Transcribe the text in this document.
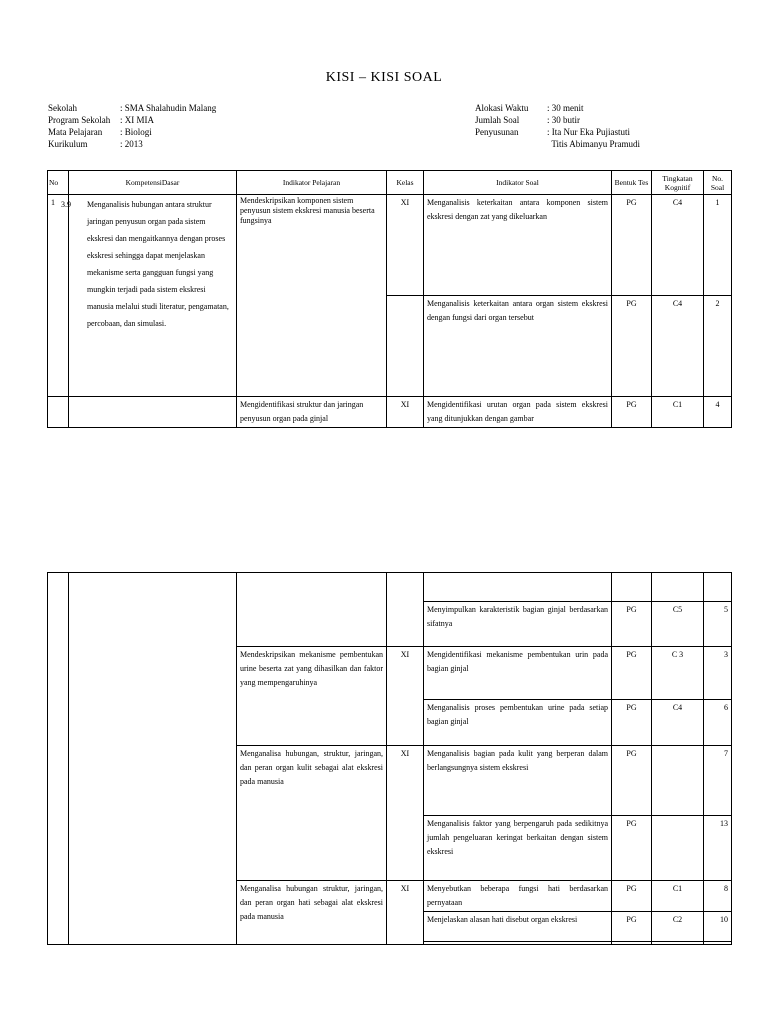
KISI – KISI SOAL
Sekolah	: SMA Shalahudin Malang
Program Sekolah	: XI MIA
Mata Pelajaran	: Biologi
Kurikulum	: 2013
Alokasi Waktu	: 30 menit
Jumlah Soal	: 30 butir
Penyusunan	: Ita Nur Eka Pujiastuti
Titis Abimanyu Pramudi
No	KompetensiDasar	Indikator Pelajaran	Kelas	Indikator Soal	Bentuk Tes	Tingkatan Kognitif	No. Soal
1	3.9 Menganalisis hubungan antara struktur jaringan penyusun organ pada sistem ekskresi dan mengaitkannya dengan proses ekskresi sehingga dapat menjelaskan mekanisme serta gangguan fungsi yang mungkin terjadi pada sistem ekskresi manusia melalui studi literatur, pengamatan, percobaan, dan simulasi.	Mendeskripsikan komponen sistem penyusun sistem ekskresi manusia beserta fungsinya	XI	Menganalisis keterkaitan antara komponen sistem ekskresi dengan zat yang dikeluarkan	PG	C4	1
				Menganalisis keterkaitan antara organ sistem ekskresi dengan fungsi dari organ tersebut	PG	C4	2
		Mengidentifikasi struktur dan jaringan penyusun organ pada ginjal	XI	Mengidentifikasi urutan organ pada sistem ekskresi yang ditunjukkan dengan gambar	PG	C1	4

				Menyimpulkan karakteristik bagian ginjal berdasarkan sifatnya	PG	C5	5
		Mendeskripsikan mekanisme pembentukan urine beserta zat yang dihasilkan dan faktor yang mempengaruhinya	XI	Mengidentifikasi mekanisme pembentukan urin pada bagian ginjal	PG	C 3	3
				Menganalisis proses pembentukan urine pada setiap bagian ginjal	PG	C4	6
		Menganalisa hubungan, struktur, jaringan, dan peran organ kulit sebagai alat ekskresi pada manusia	XI	Menganalisis bagian pada kulit yang berperan dalam berlangsungnya sistem ekskresi	PG		7
				Menganalisis faktor yang berpengaruh pada sedikitnya jumlah pengeluaran keringat berkaitan dengan sistem ekskresi	PG		13
		Menganalisa hubungan struktur, jaringan, dan peran organ hati sebagai alat ekskresi pada manusia	XI	Menyebutkan beberapa fungsi hati berdasarkan pernyataan	PG	C1	8
				Menjelaskan alasan hati disebut organ ekskresi	PG	C2	10
